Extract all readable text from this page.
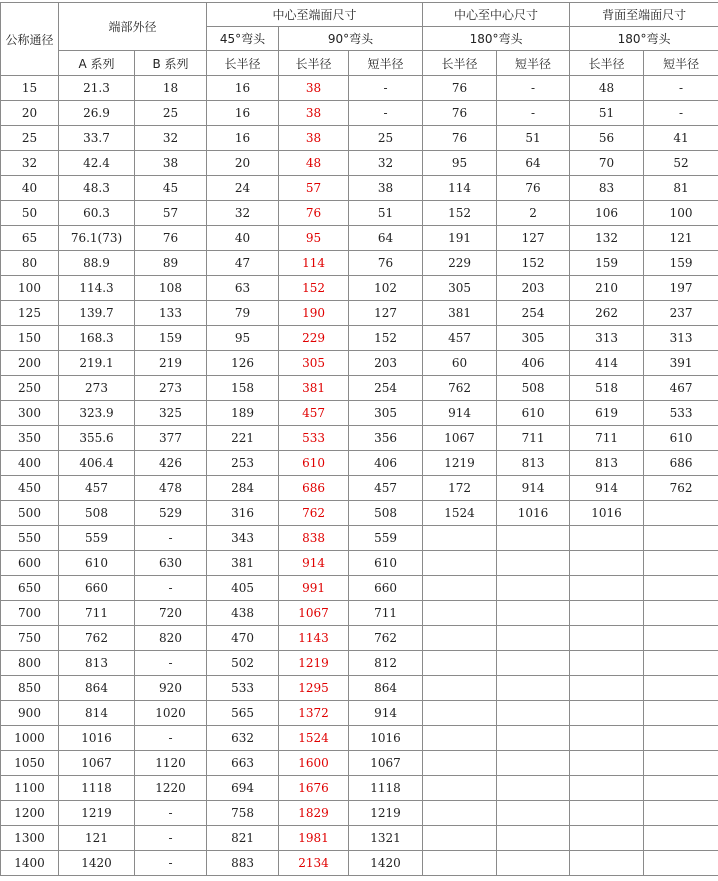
公称通径	端部外径		中心至端面尺寸			中心至中心尺寸		背面至端面尺寸	
			45°弯头	90°弯头		180°弯头		180°弯头	
	A 系列	B 系列	长半径	长半径	短半径	长半径	短半径	长半径	短半径
15	21.3	18	16	38	-	76	-	48	-
20	26.9	25	16	38	-	76	-	51	-
25	33.7	32	16	38	25	76	51	56	41
32	42.4	38	20	48	32	95	64	70	52
40	48.3	45	24	57	38	114	76	83	81
50	60.3	57	32	76	51	152	2	106	100
65	76.1(73)	76	40	95	64	191	127	132	121
80	88.9	89	47	114	76	229	152	159	159
100	114.3	108	63	152	102	305	203	210	197
125	139.7	133	79	190	127	381	254	262	237
150	168.3	159	95	229	152	457	305	313	313
200	219.1	219	126	305	203	60	406	414	391
250	273	273	158	381	254	762	508	518	467
300	323.9	325	189	457	305	914	610	619	533
350	355.6	377	221	533	356	1067	711	711	610
400	406.4	426	253	610	406	1219	813	813	686
450	457	478	284	686	457	172	914	914	762
500	508	529	316	762	508	1524	1016	1016	
550	559	-	343	838	559				
600	610	630	381	914	610				
650	660	-	405	991	660				
700	711	720	438	1067	711				
750	762	820	470	1143	762				
800	813	-	502	1219	812				
850	864	920	533	1295	864				
900	814	1020	565	1372	914				
1000	1016	-	632	1524	1016				
1050	1067	1120	663	1600	1067				
1100	1118	1220	694	1676	1118				
1200	1219	-	758	1829	1219				
1300	121	-	821	1981	1321				
1400	1420	-	883	2134	1420				
